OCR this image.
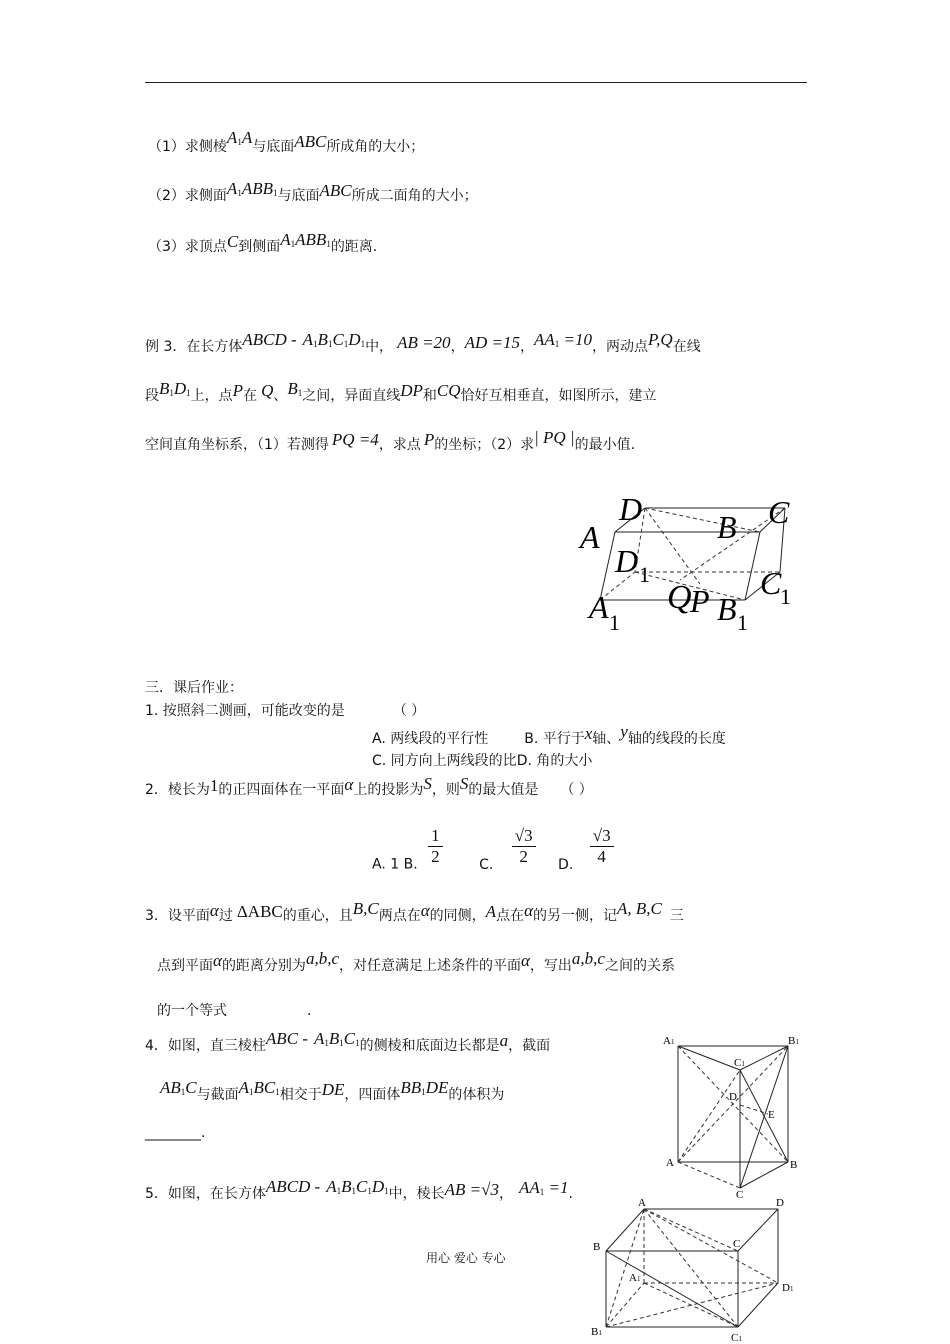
（1）求侧棱$A_1A$与底面ABC所成角的大小；
（2）求侧面$A_1ABB_1$与底面ABC所成二面角的大小；
（3）求顶点C到侧面$A_1ABB_1$的距离.
例 3．在长方体ABCD - $A_1B_1C_1D_1$中， AB =20，AD =15，$AA_1 =10$，两动点P,Q在线
段$B_1D_1$上，点P在 Q、$B_1$之间，异面直线DP和CQ恰好互相垂直，如图所示，建立
空间直角坐标系，（1）若测得 PQ =4，求点 P的坐标；（2）求| PQ |的最小值.
D	C
A	B
D 1	C
1
Q
P
A 1	B 1
三．课后作业：
1. 按照斜二测画，可能改变的是	（ ）
A. 两线段的平行性	B. 平行于x轴、y轴的线段的长度
C. 同方向上两线段的比D. 角的大小
2．棱长为1的正四面体在一平面α上的投影为S，则S的最大值是 （ ）
A. 1 B. $\frac{1}{2}$	C. $\frac{√3}{2} D$. $\frac{√3}{4}$
3．设平面α过 ΔABC的重心，且B,C两点在α的同侧，A点在α的另一侧，记A, B,C 三
点到平面α的距离分别为a,b,c，对任意满足上述条件的平面α，写出a,b,c之间的关系
的一个等式	.
4．如图，直三棱柱ABC - $A_1B_1C_1$的侧棱和底面边长都是a，截面
$AB_1C$与截面$A_1BC_1$相交于DE，四面体$BB_1DE$的体积为
________.
5．如图，在长方体ABCD - $A_1B_1C_1D_1$中，棱长AB =√3， $AA_1 =1$.
A1	B1
C1
D
E
A	B
C
A	D
B	C
A1
D1
B1	C1
用心 爱心 专心
